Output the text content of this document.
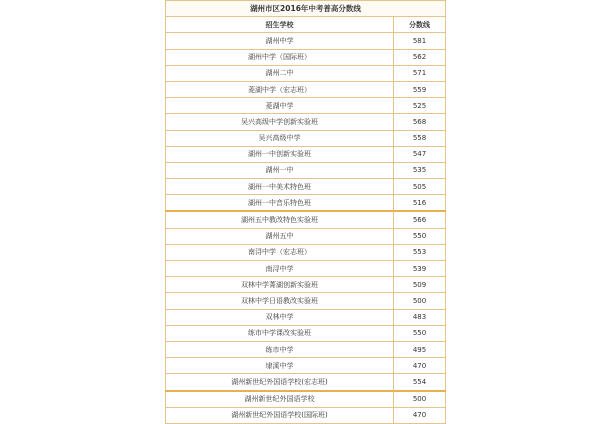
湖州市区2016年中考普高分数线	
招生学校	分数线
湖州中学	581
湖州中学（国际班）	562
湖州二中	571
菱湖中学（宏志班）	559
菱湖中学	525
吴兴高级中学创新实验班	568
吴兴高级中学	558
湖州一中创新实验班	547
湖州一中	535
湖州一中美术特色班	505
湖州一中音乐特色班	516
湖州五中教改特色实验班	566
湖州五中	550
南浔中学（宏志班）	553
南浔中学	539
双林中学菁湖创新实验班	509
双林中学日语教改实验班	500
双林中学	483
练市中学课改实验班	550
练市中学	495
埭溪中学	470
湖州新世纪外国语学校(宏志班)	554
湖州新世纪外国语学校	500
湖州新世纪外国语学校(国际班)	470
